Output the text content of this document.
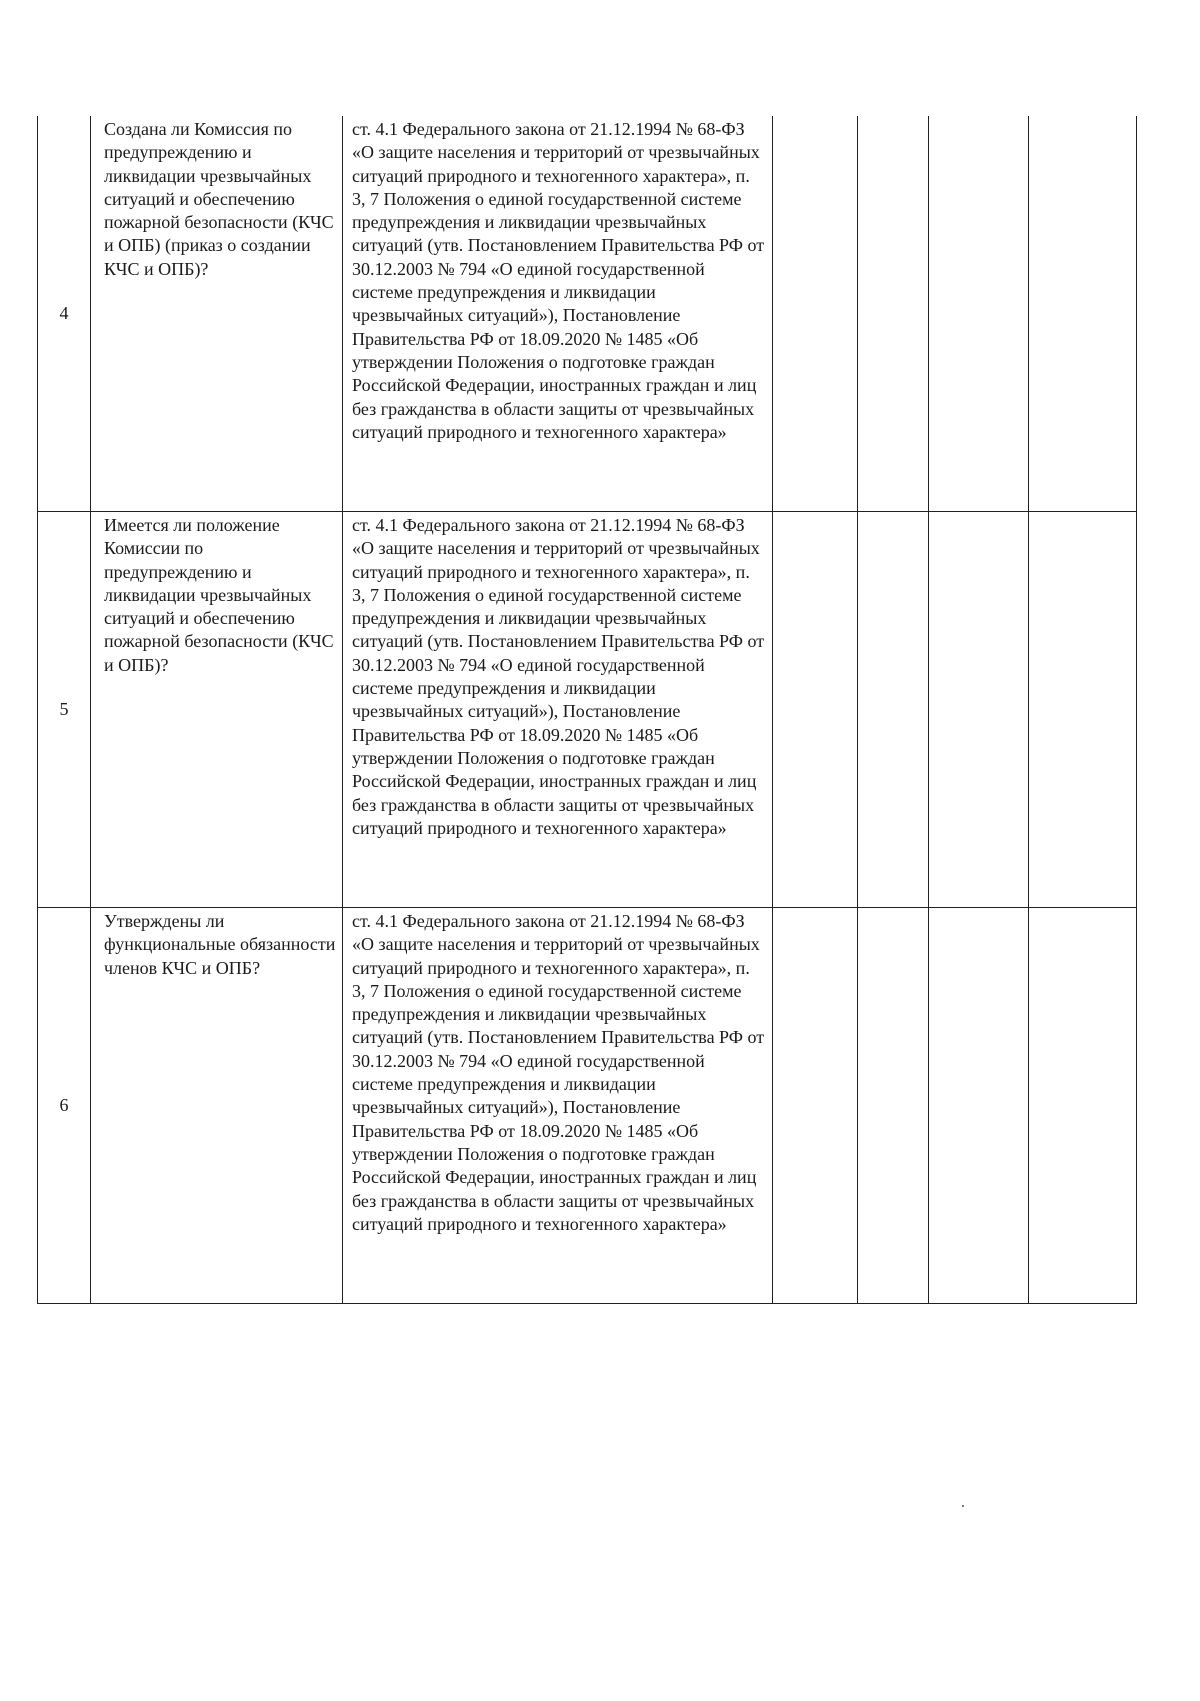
4	Создана ли Комиссия по предупреждению и ликвидации чрезвычайных ситуаций и обеспечению пожарной безопасности (КЧС и ОПБ) (приказ о создании КЧС и ОПБ)?	ст. 4.1 Федерального закона от 21.12.1994 № 68-ФЗ «О защите населения и территорий от чрезвычайных ситуаций природного и техногенного характера», п. 3, 7 Положения о единой государственной системе предупреждения и ликвидации чрезвычайных ситуаций (утв. Постановлением Правительства РФ от 30.12.2003 № 794 «О единой государственной системе предупреждения и ликвидации чрезвычайных ситуаций»), Постановление Правительства РФ от 18.09.2020 № 1485 «Об утверждении Положения о подготовке граждан Российской Федерации, иностранных граждан и лиц без гражданства в области защиты от чрезвычайных ситуаций природного и техногенного характера»				
5	Имеется ли положение Комиссии по предупреждению и ликвидации чрезвычайных ситуаций и обеспечению пожарной безопасности (КЧС и ОПБ)?	ст. 4.1 Федерального закона от 21.12.1994 № 68-ФЗ «О защите населения и территорий от чрезвычайных ситуаций природного и техногенного характера», п. 3, 7 Положения о единой государственной системе предупреждения и ликвидации чрезвычайных ситуаций (утв. Постановлением Правительства РФ от 30.12.2003 № 794 «О единой государственной системе предупреждения и ликвидации чрезвычайных ситуаций»), Постановление Правительства РФ от 18.09.2020 № 1485 «Об утверждении Положения о подготовке граждан Российской Федерации, иностранных граждан и лиц без гражданства в области защиты от чрезвычайных ситуаций природного и техногенного характера»				
6	Утверждены ли функциональные обязанности членов КЧС и ОПБ?	ст. 4.1 Федерального закона от 21.12.1994 № 68-ФЗ «О защите населения и территорий от чрезвычайных ситуаций природного и техногенного характера», п. 3, 7 Положения о единой государственной системе предупреждения и ликвидации чрезвычайных ситуаций (утв. Постановлением Правительства РФ от 30.12.2003 № 794 «О единой государственной системе предупреждения и ликвидации чрезвычайных ситуаций»), Постановление Правительства РФ от 18.09.2020 № 1485 «Об утверждении Положения о подготовке граждан Российской Федерации, иностранных граждан и лиц без гражданства в области защиты от чрезвычайных ситуаций природного и техногенного характера»				
